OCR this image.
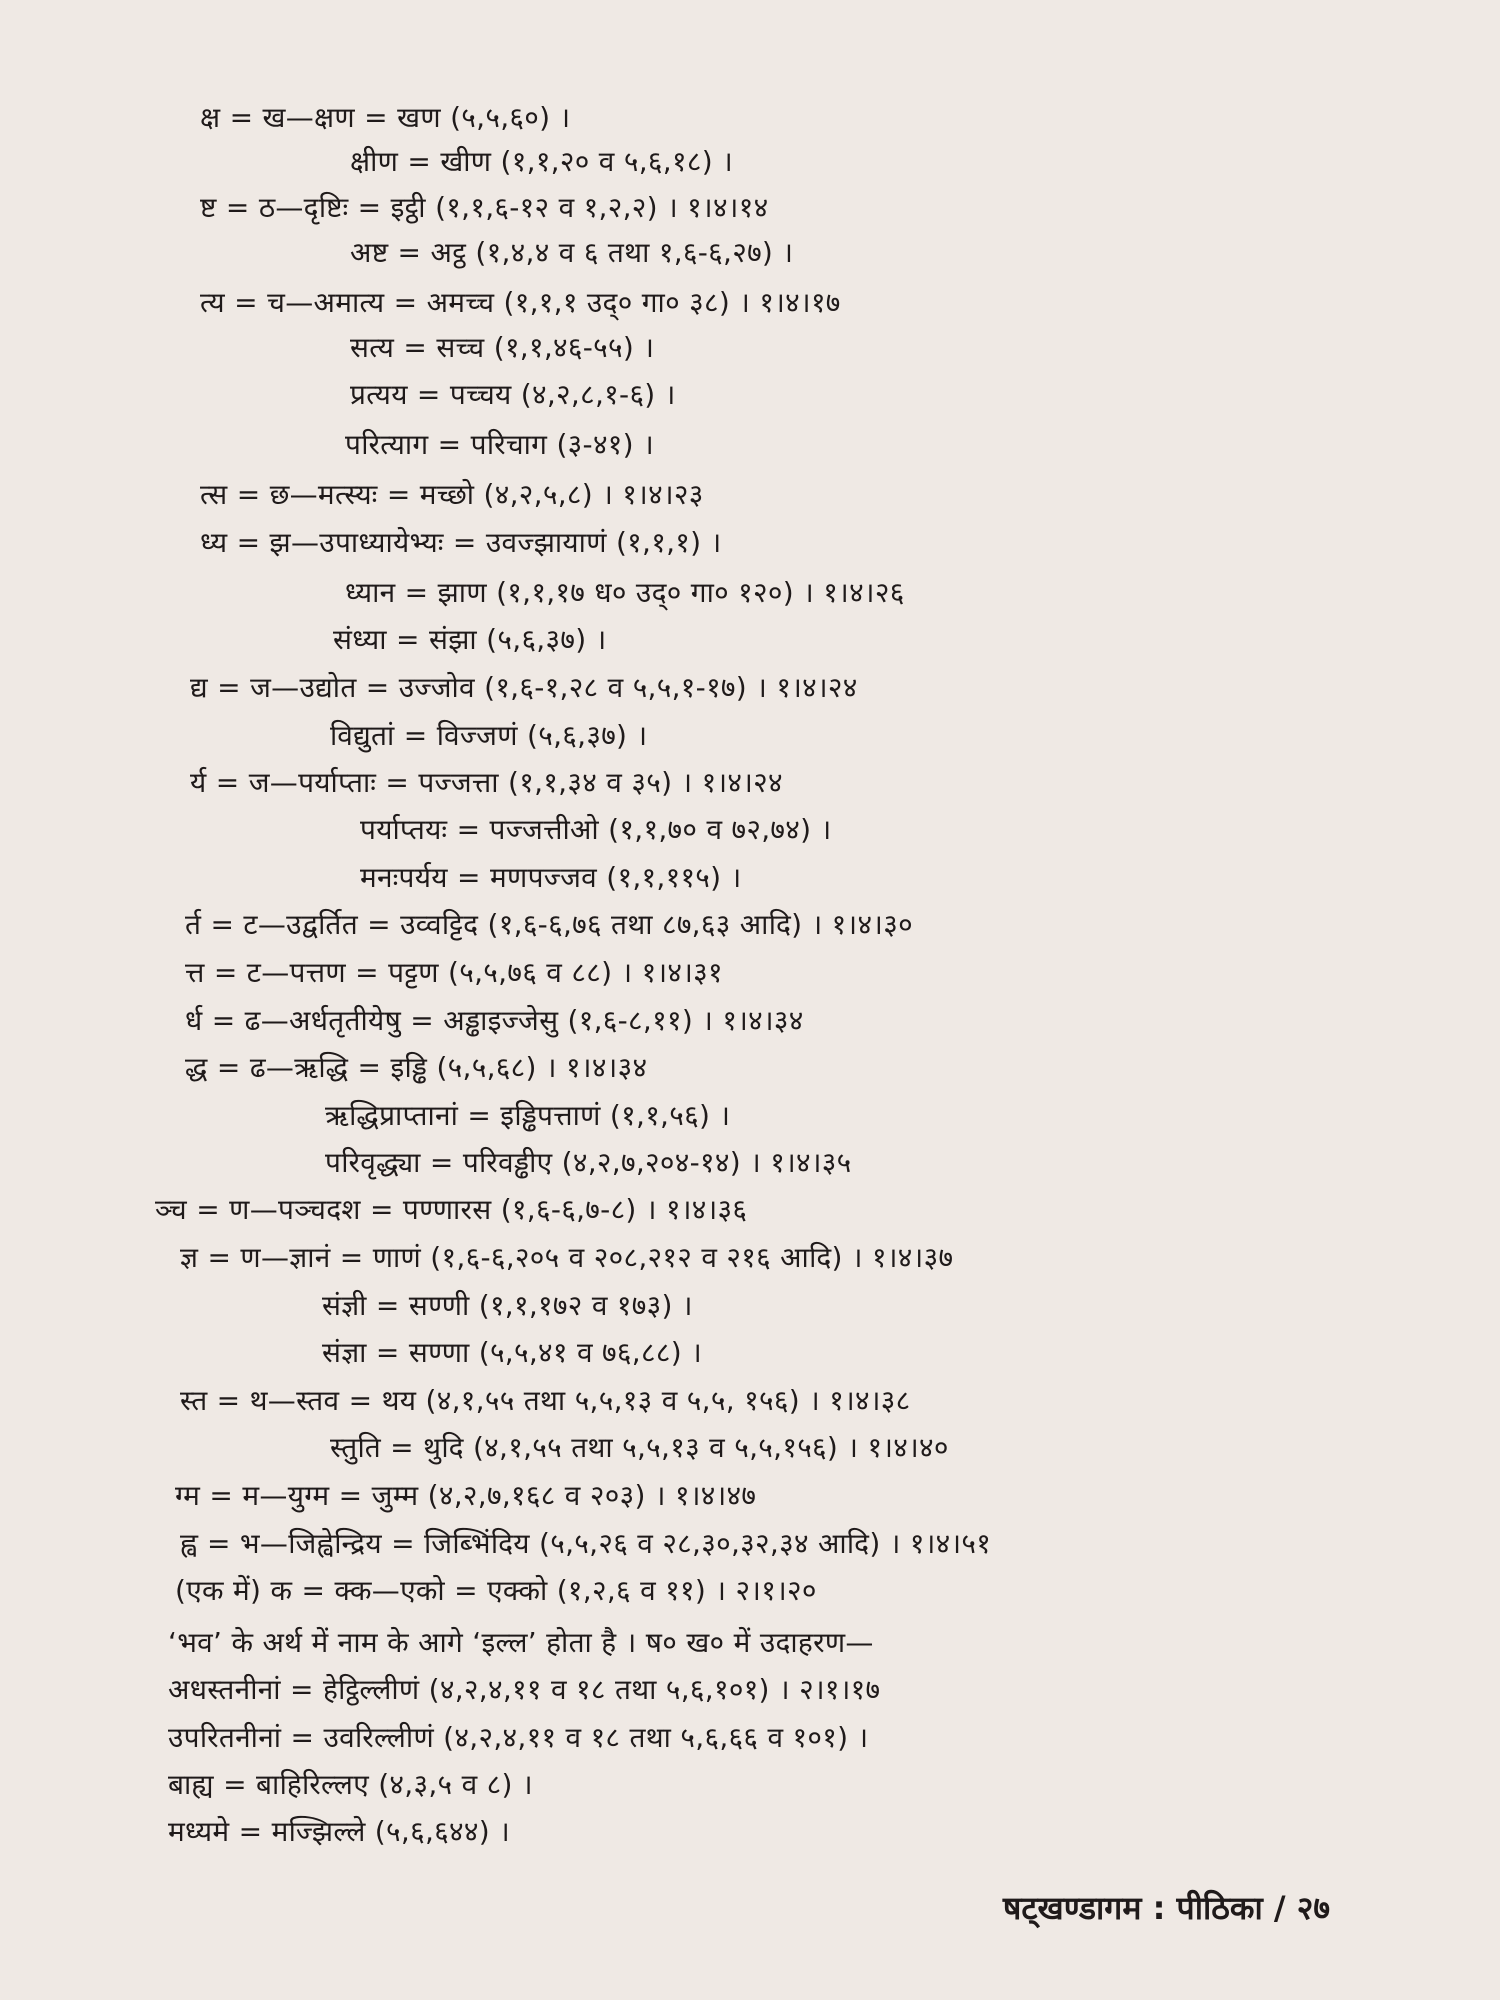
क्ष = ख—क्षण = खण (५,५,६०) ।
क्षीण = खीण (१,१,२० व ५,६,१८) ।
ष्ट = ठ—दृष्टिः = इट्ठी (१,१,६-१२ व १,२,२) । १।४।१४
अष्ट = अट्ठ (१,४,४ व ६ तथा १,६-६,२७) ।
त्य = च—अमात्य = अमच्च (१,१,१ उद्० गा० ३८) । १।४।१७
सत्य = सच्च (१,१,४६-५५) ।
प्रत्यय = पच्चय (४,२,८,१-६) ।
परित्याग = परिचाग (३-४१) ।
त्स = छ—मत्स्यः = मच्छो (४,२,५,८) । १।४।२३
ध्य = झ—उपाध्यायेभ्यः = उवज्झायाणं (१,१,१) ।
ध्यान = झाण (१,१,१७ ध० उद्० गा० १२०) । १।४।२६
संध्या = संझा (५,६,३७) ।
द्य = ज—उद्योत = उज्जोव (१,६-१,२८ व ५,५,१-१७) । १।४।२४
विद्युतां = विज्जणं (५,६,३७) ।
र्य = ज—पर्याप्ताः = पज्जत्ता (१,१,३४ व ३५) । १।४।२४
पर्याप्तयः = पज्जत्तीओ (१,१,७० व ७२,७४) ।
मनःपर्यय = मणपज्जव (१,१,११५) ।
र्त = ट—उद्वर्तित = उव्वट्टिद (१,६-६,७६ तथा ८७,६३ आदि) । १।४।३०
त्त = ट—पत्तण = पट्टण (५,५,७६ व ८८) । १।४।३१
र्ध = ढ—अर्धतृतीयेषु = अड्ढाइज्जेसु (१,६-८,११) । १।४।३४
द्ध = ढ—ऋद्धि = इड्ढि (५,५,६८) । १।४।३४
ऋद्धिप्राप्तानां = इड्ढिपत्ताणं (१,१,५६) ।
परिवृद्ध्या = परिवड्ढीए (४,२,७,२०४-१४) । १।४।३५
ञ्च = ण—पञ्चदश = पण्णारस (१,६-६,७-८) । १।४।३६
ज्ञ = ण—ज्ञानं = णाणं (१,६-६,२०५ व २०८,२१२ व २१६ आदि) । १।४।३७
संज्ञी = सण्णी (१,१,१७२ व १७३) ।
संज्ञा = सण्णा (५,५,४१ व ७६,८८) ।
स्त = थ—स्तव = थय (४,१,५५ तथा ५,५,१३ व ५,५, १५६) । १।४।३८
स्तुति = थुदि (४,१,५५ तथा ५,५,१३ व ५,५,१५६) । १।४।४०
ग्म = म—युग्म = जुम्म (४,२,७,१६८ व २०३) । १।४।४७
ह्व = भ—जिह्वेन्द्रिय = जिब्भिंदिय (५,५,२६ व २८,३०,३२,३४ आदि) । १।४।५१
(एक में) क = क्क—एको = एक्को (१,२,६ व ११) । २।१।२०
‘भव’ के अर्थ में नाम के आगे ‘इल्ल’ होता है । ष० ख० में उदाहरण—
अधस्तनीनां = हेट्ठिल्लीणं (४,२,४,११ व १८ तथा ५,६,१०१) । २।१।१७
उपरितनीनां = उवरिल्लीणं (४,२,४,११ व १८ तथा ५,६,६६ व १०१) ।
बाह्य = बाहिरिल्लए (४,३,५ व ८) ।
मध्यमे = मज्झिल्ले (५,६,६४४) ।
षट्खण्डागम : पीठिका / २७
